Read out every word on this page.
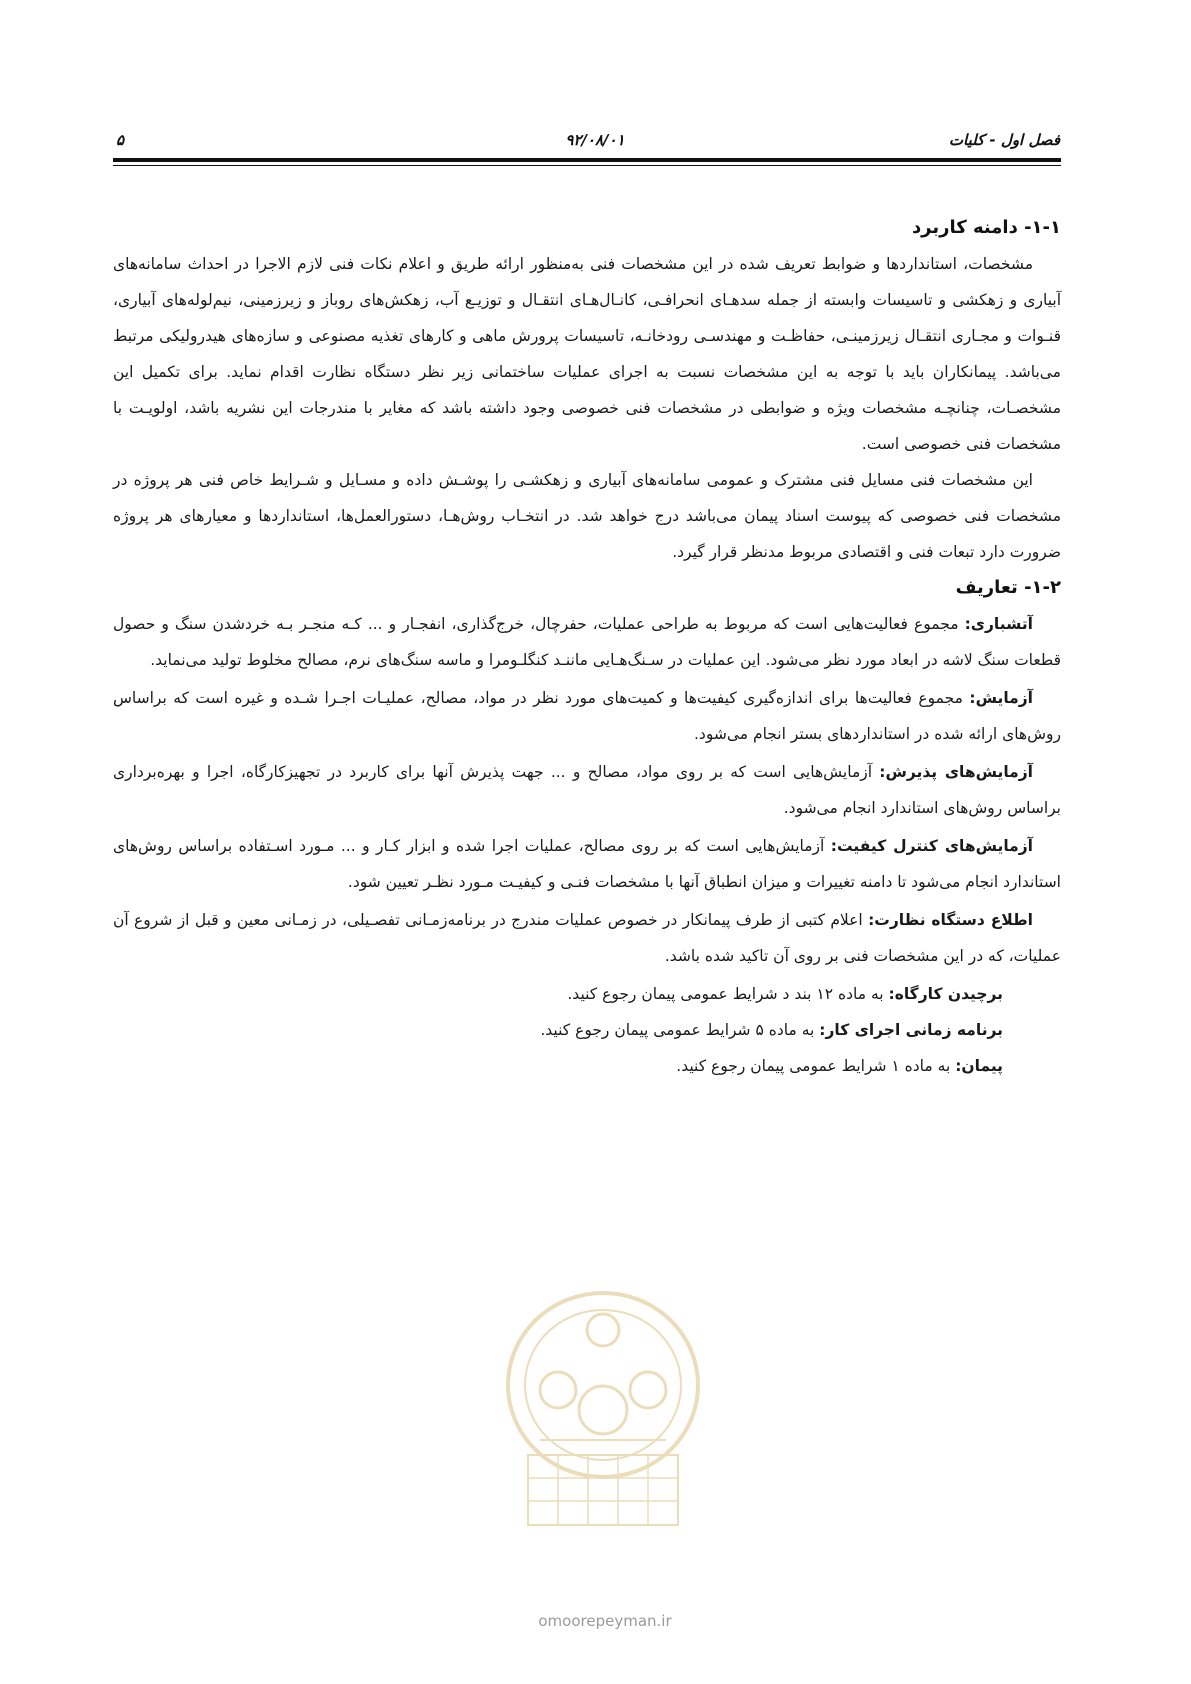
فصل اول - کلیات
۹۲/۰۸/۰۱
۵
۱-۱- دامنه کاربرد

مشخصات، استانداردها و ضوابط تعریف شده در این مشخصات فنی به‌منظور ارائه طریق و اعلام نکات فنی لازم الاجرا در احداث سامانه‌های آبیاری و زهکشی و تاسیسات وابسته از جمله سدهـای انحرافـی، کانـال‌هـای انتقـال و توزیـع آب، زهکش‌های روباز و زیرزمینی، نیم‌لوله‌های آبیاری، قنـوات و مجـاری انتقـال زیرزمینـی، حفاظـت و مهندسـی رودخانـه، تاسیسات پرورش ماهی و کارهای تغذیه مصنوعی و سازه‌های هیدرولیکی مرتبط می‌باشد. پیمانکاران باید با توجه به این مشخصات نسبت به اجرای عملیات ساختمانی زیر نظر دستگاه نظارت اقدام نماید. برای تکمیل این مشخصـات، چنانچـه مشخصات ویژه و ضوابطی در مشخصات فنی خصوصی وجود داشته باشد که مغایر با مندرجات این نشریه باشد، اولویـت با مشخصات فنی خصوصی است.

این مشخصات فنی مسایل فنی مشترک و عمومی سامانه‌های آبیاری و زهکشـی را پوشـش داده و مسـایل و شـرایط خاص فنی هر پروژه در مشخصات فنی خصوصی که پیوست اسناد پیمان می‌باشد درج خواهد شد. در انتخـاب روش‌هـا، دستورالعمل‌ها، استانداردها و معیارهای هر پروژه ضرورت دارد تبعات فنی و اقتصادی مربوط مدنظر قرار گیرد.

۱-۲- تعاریف

آتشباری: مجموع فعالیت‌هایی است که مربوط به طراحی عملیات، حفرچال، خرج‌گذاری، انفجـار و ... کـه منجـر بـه خردشدن سنگ و حصول قطعات سنگ لاشه در ابعاد مورد نظر می‌شود. این عملیات در سـنگ‌هـایی ماننـد کنگلـومرا و ماسه سنگ‌های نرم، مصالح مخلوط تولید می‌نماید.

آزمایش: مجموع فعالیت‌ها برای اندازه‌گیری کیفیت‌ها و کمیت‌های مورد نظر در مواد، مصالح، عملیـات اجـرا شـده و غیره است که براساس روش‌های ارائه شده در استانداردهای بستر انجام می‌شود.

آزمایش‌های پذیرش: آزمایش‌هایی است که بر روی مواد، مصالح و ... جهت پذیرش آنها برای کاربرد در تجهیزکارگاه، اجرا و بهره‌برداری براساس روش‌های استاندارد انجام می‌شود.

آزمایش‌های کنترل کیفیت: آزمایش‌هایی است که بر روی مصالح، عملیات اجرا شده و ابزار کـار و ... مـورد اسـتفاده براساس روش‌های استاندارد انجام می‌شود تا دامنه تغییرات و میزان انطباق آنها با مشخصات فنـی و کیفیـت مـورد نظـر تعیین شود.

اطلاع دستگاه نظارت: اعلام کتبی از طرف پیمانکار در خصوص عملیات مندرج در برنامه‌زمـانی تفصـیلی، در زمـانی معین و قبل از شروع آن عملیات، که در این مشخصات فنی بر روی آن تاکید شده باشد.

برچیدن کارگاه: به ماده ۱۲ بند د شرایط عمومی پیمان رجوع کنید.

برنامه زمانی اجرای کار: به ماده ۵ شرایط عمومی پیمان رجوع کنید.

پیمان: به ماده ۱ شرایط عمومی پیمان رجوع کنید.

omoorepeyman.ir
